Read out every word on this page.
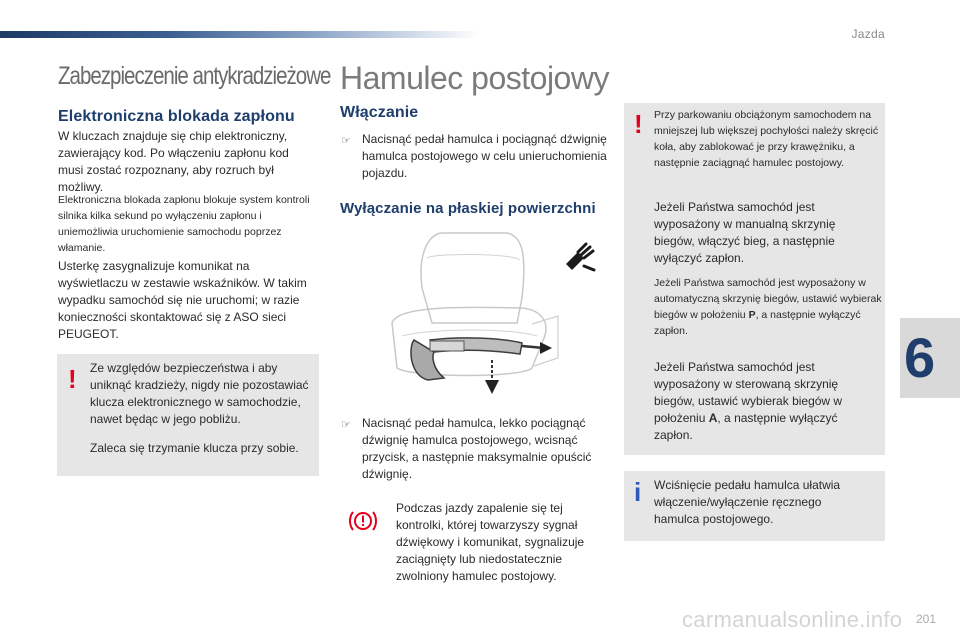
Jazda
6
Zabezpieczenie antykradzieżowe
Elektroniczna blokada zapłonu

W kluczach znajduje się chip elektroniczny, zawierający kod. Po włączeniu zapłonu kod musi zostać rozpoznany, aby rozruch był możliwy.

Elektroniczna blokada zapłonu blokuje system kontroli silnika kilka sekund po wyłączeniu zapłonu i uniemożliwia uruchomienie samochodu poprzez włamanie.

Usterkę zasygnalizuje komunikat na wyświetlaczu w zestawie wskaźników. W takim wypadku samochód się nie uruchomi; w razie konieczności skontaktować się z ASO sieci PEUGEOT.

! Ze względów bezpieczeństwa i aby uniknąć kradzieży, nigdy nie pozostawiać klucza elektronicznego w samochodzie, nawet będąc w jego pobliżu.

Zaleca się trzymanie klucza przy sobie.

Hamulec postojowy
Włączanie
☞ Nacisnąć pedał hamulca i pociągnąć dźwignię hamulca postojowego w celu unieruchomienia pojazdu.

Wyłączanie na płaskiej powierzchni
☞ Nacisnąć pedał hamulca, lekko pociągnąć dźwignię hamulca postojowego, wcisnąć przycisk, a następnie maksymalnie opuścić dźwignię.

Podczas jazdy zapalenie się tej kontrolki, której towarzyszy sygnał dźwiękowy i komunikat, sygnalizuje zaciągnięty lub niedostatecznie zwolniony hamulec postojowy.

! Przy parkowaniu obciążonym samochodem na mniejszej lub większej pochyłości należy skręcić koła, aby zablokować je przy krawężniku, a następnie zaciągnąć hamulec postojowy.

Jeżeli Państwa samochód jest wyposażony w manualną skrzynię biegów, włączyć bieg, a następnie wyłączyć zapłon.

Jeżeli Państwa samochód jest wyposażony w automatyczną skrzynię biegów, ustawić wybierak biegów w położeniu P, a następnie wyłączyć zapłon.

Jeżeli Państwa samochód jest wyposażony w sterowaną skrzynię biegów, ustawić wybierak biegów w położeniu A, a następnie wyłączyć zapłon.

i Wciśnięcie pedału hamulca ułatwia włączenie/wyłączenie ręcznego hamulca postojowego.

carmanualsonline.info 201
